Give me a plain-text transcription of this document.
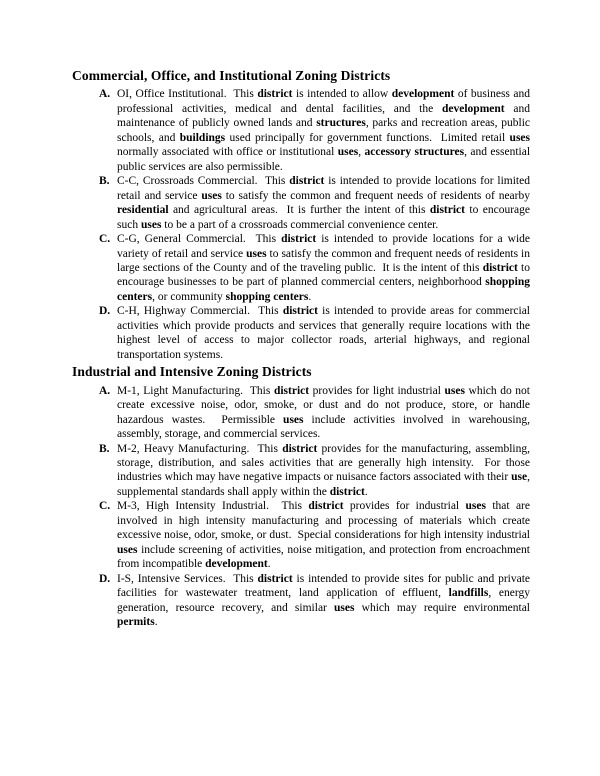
Commercial, Office, and Institutional Zoning Districts
A. OI, Office Institutional.  This district is intended to allow development of business and professional activities, medical and dental facilities, and the development and maintenance of publicly owned lands and structures, parks and recreation areas, public schools, and buildings used principally for government functions.  Limited retail uses normally associated with office or institutional uses, accessory structures, and essential public services are also permissible.
B. C-C, Crossroads Commercial.  This district is intended to provide locations for limited retail and service uses to satisfy the common and frequent needs of residents of nearby residential and agricultural areas.  It is further the intent of this district to encourage such uses to be a part of a crossroads commercial convenience center.
C. C-G, General Commercial.  This district is intended to provide locations for a wide variety of retail and service uses to satisfy the common and frequent needs of residents in large sections of the County and of the traveling public.  It is the intent of this district to encourage businesses to be part of planned commercial centers, neighborhood shopping centers, or community shopping centers.
D. C-H, Highway Commercial.  This district is intended to provide areas for commercial activities which provide products and services that generally require locations with the highest level of access to major collector roads, arterial highways, and regional transportation systems.
Industrial and Intensive Zoning Districts
A. M-1, Light Manufacturing.  This district provides for light industrial uses which do not create excessive noise, odor, smoke, or dust and do not produce, store, or handle hazardous wastes.  Permissible uses include activities involved in warehousing, assembly, storage, and commercial services.
B. M-2, Heavy Manufacturing.  This district provides for the manufacturing, assembling, storage, distribution, and sales activities that are generally high intensity.  For those industries which may have negative impacts or nuisance factors associated with their use, supplemental standards shall apply within the district.
C. M-3, High Intensity Industrial.  This district provides for industrial uses that are involved in high intensity manufacturing and processing of materials which create excessive noise, odor, smoke, or dust.  Special considerations for high intensity industrial uses include screening of activities, noise mitigation, and protection from encroachment from incompatible development.
D. I-S, Intensive Services.  This district is intended to provide sites for public and private facilities for wastewater treatment, land application of effluent, landfills, energy generation, resource recovery, and similar uses which may require environmental permits.
